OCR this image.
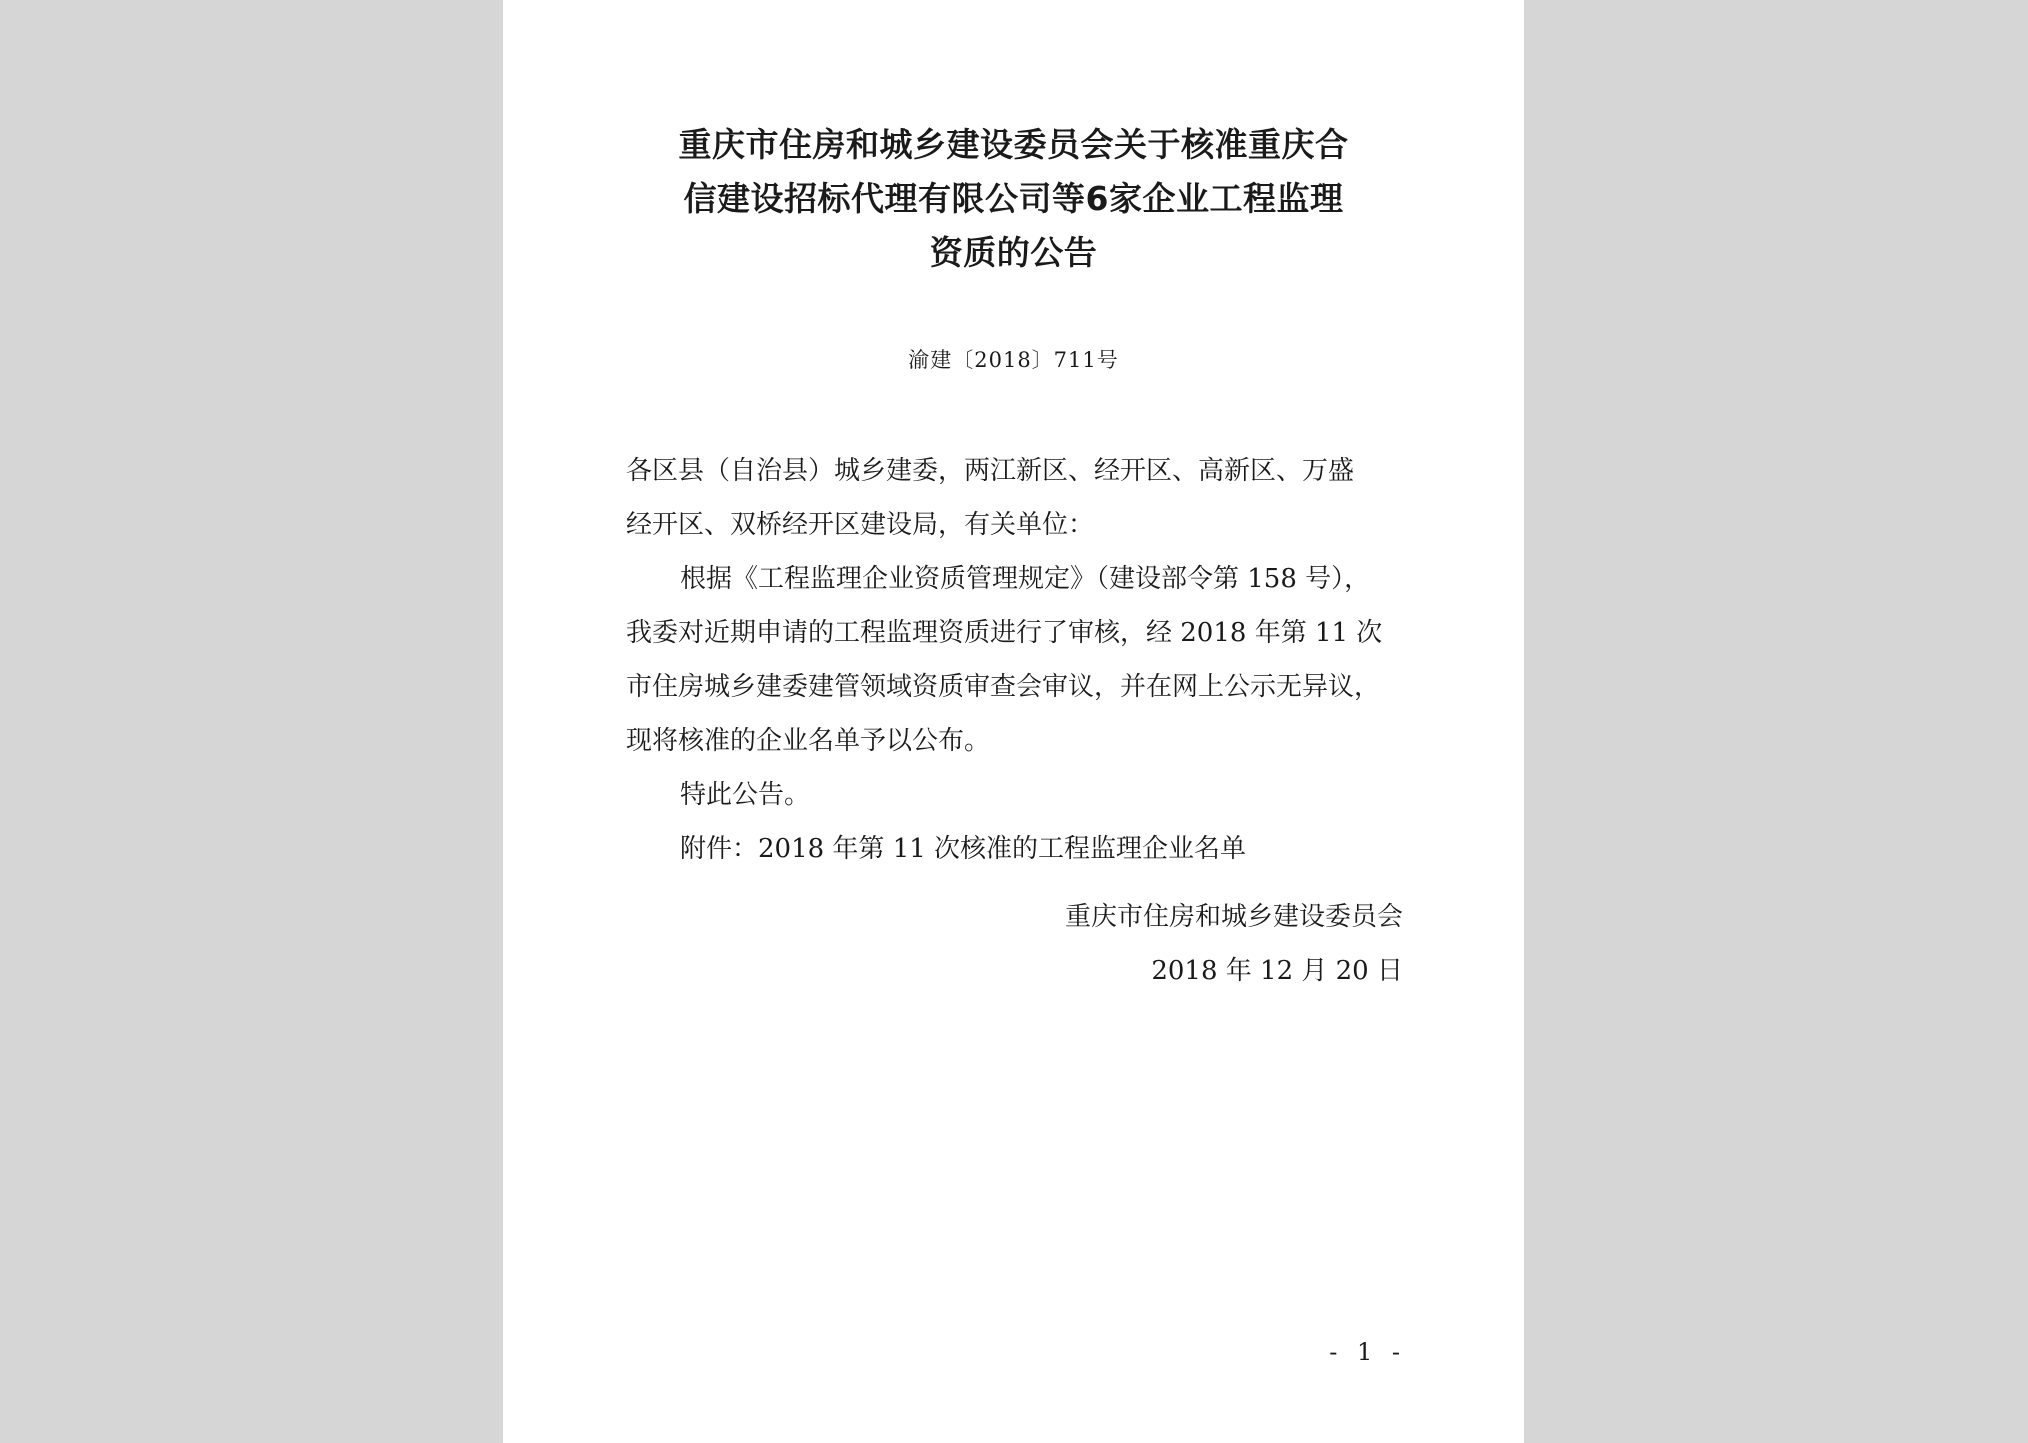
重庆市住房和城乡建设委员会关于核准重庆合
信建设招标代理有限公司等6家企业工程监理
资质的公告
渝建〔2018〕711号

各区县（自治县）城乡建委，两江新区、经开区、高新区、万盛

经开区、双桥经开区建设局，有关单位：

根据《工程监理企业资质管理规定》（建设部令第 158 号），

我委对近期申请的工程监理资质进行了审核，经 2018 年第 11 次

市住房城乡建委建管领域资质审查会审议，并在网上公示无异议，

现将核准的企业名单予以公布。

特此公告。

附件：2018 年第 11 次核准的工程监理企业名单

重庆市住房和城乡建设委员会
2018 年 12 月 20 日
- 1 -
